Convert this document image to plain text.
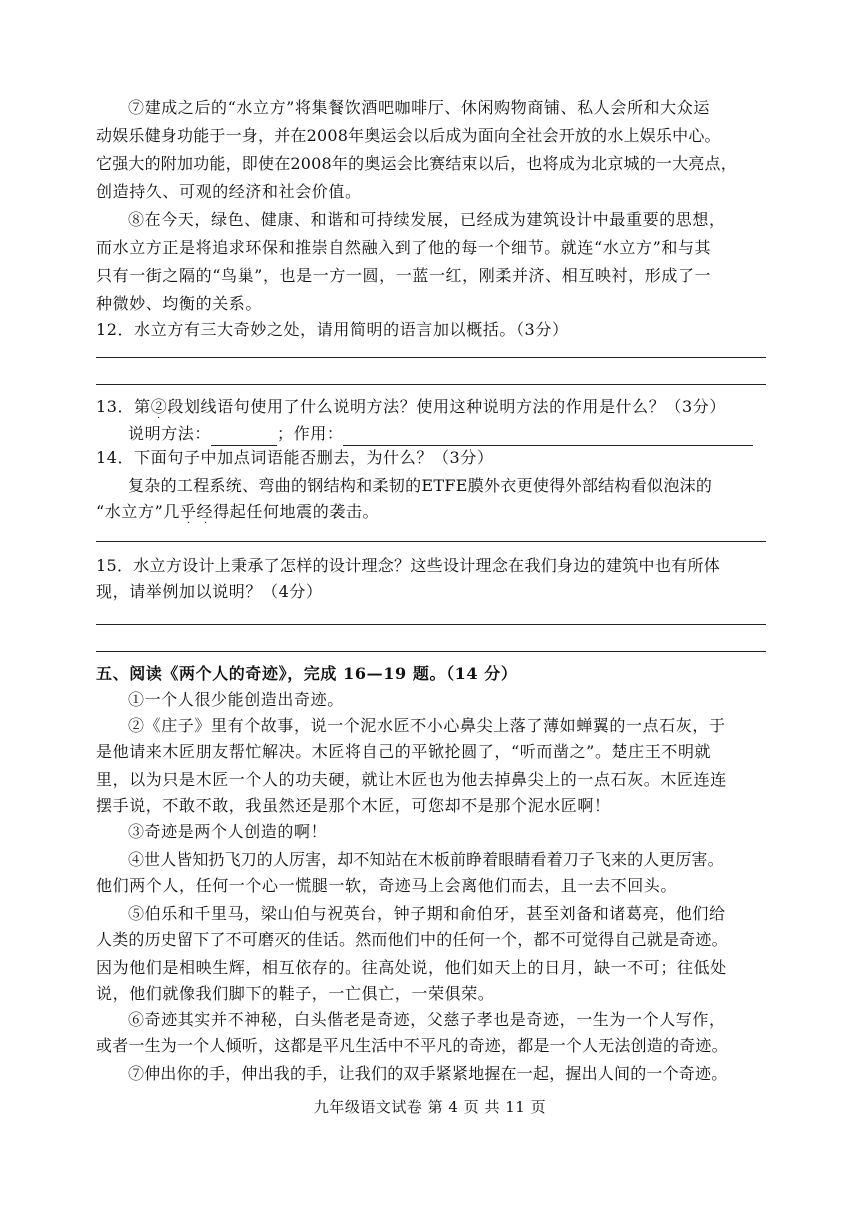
⑦建成之后的“水立方”将集餐饮酒吧咖啡厅、休闲购物商铺、私人会所和大众运
动娱乐健身功能于一身，并在2008年奥运会以后成为面向全社会开放的水上娱乐中心。
它强大的附加功能，即使在2008年的奥运会比赛结束以后，也将成为北京城的一大亮点，
创造持久、可观的经济和社会价值。
⑧在今天，绿色、健康、和谐和可持续发展，已经成为建筑设计中最重要的思想，
而水立方正是将追求环保和推崇自然融入到了他的每一个细节。就连“水立方”和与其
只有一街之隔的“鸟巢”，也是一方一圆，一蓝一红，刚柔并济、相互映衬，形成了一
种微妙、均衡的关系。
12．水立方有三大奇妙之处，请用简明的语言加以概括。（3分）
13．第②段划线语句使用了什么说明方法？使用这种说明方法的作用是什么？（3分）
·
说明方法：	；作用：
14．下面句子中加点词语能否删去，为什么？（3分）
复杂的工程系统、弯曲的钢结构和柔韧的ETFE膜外衣更使得外部结构看似泡沫的
“水立方”几乎经得起任何地震的袭击。
· ·
15．水立方设计上秉承了怎样的设计理念？这些设计理念在我们身边的建筑中也有所体
现，请举例加以说明？（4分）
五、阅读《两个人的奇迹》，完成 16—19 题。（14 分）
①一个人很少能创造出奇迹。
②《庄子》里有个故事，说一个泥水匠不小心鼻尖上落了薄如蝉翼的一点石灰，于
是他请来木匠朋友帮忙解决。木匠将自己的平锨抡圆了，“听而凿之”。楚庄王不明就
里，以为只是木匠一个人的功夫硬，就让木匠也为他去掉鼻尖上的一点石灰。木匠连连
摆手说，不敢不敢，我虽然还是那个木匠，可您却不是那个泥水匠啊！
③奇迹是两个人创造的啊！
④世人皆知扔飞刀的人厉害，却不知站在木板前睁着眼睛看着刀子飞来的人更厉害。
他们两个人，任何一个心一慌腿一软，奇迹马上会离他们而去，且一去不回头。
⑤伯乐和千里马，梁山伯与祝英台，钟子期和俞伯牙，甚至刘备和诸葛亮，他们给
人类的历史留下了不可磨灭的佳话。然而他们中的任何一个，都不可觉得自己就是奇迹。
因为他们是相映生辉，相互依存的。往高处说，他们如天上的日月，缺一不可；往低处
说，他们就像我们脚下的鞋子，一亡俱亡，一荣俱荣。
⑥奇迹其实并不神秘，白头偕老是奇迹，父慈子孝也是奇迹，一生为一个人写作，
或者一生为一个人倾听，这都是平凡生活中不平凡的奇迹，都是一个人无法创造的奇迹。
⑦伸出你的手，伸出我的手，让我们的双手紧紧地握在一起，握出人间的一个奇迹。
九年级语文试卷 第 4 页 共 11 页
